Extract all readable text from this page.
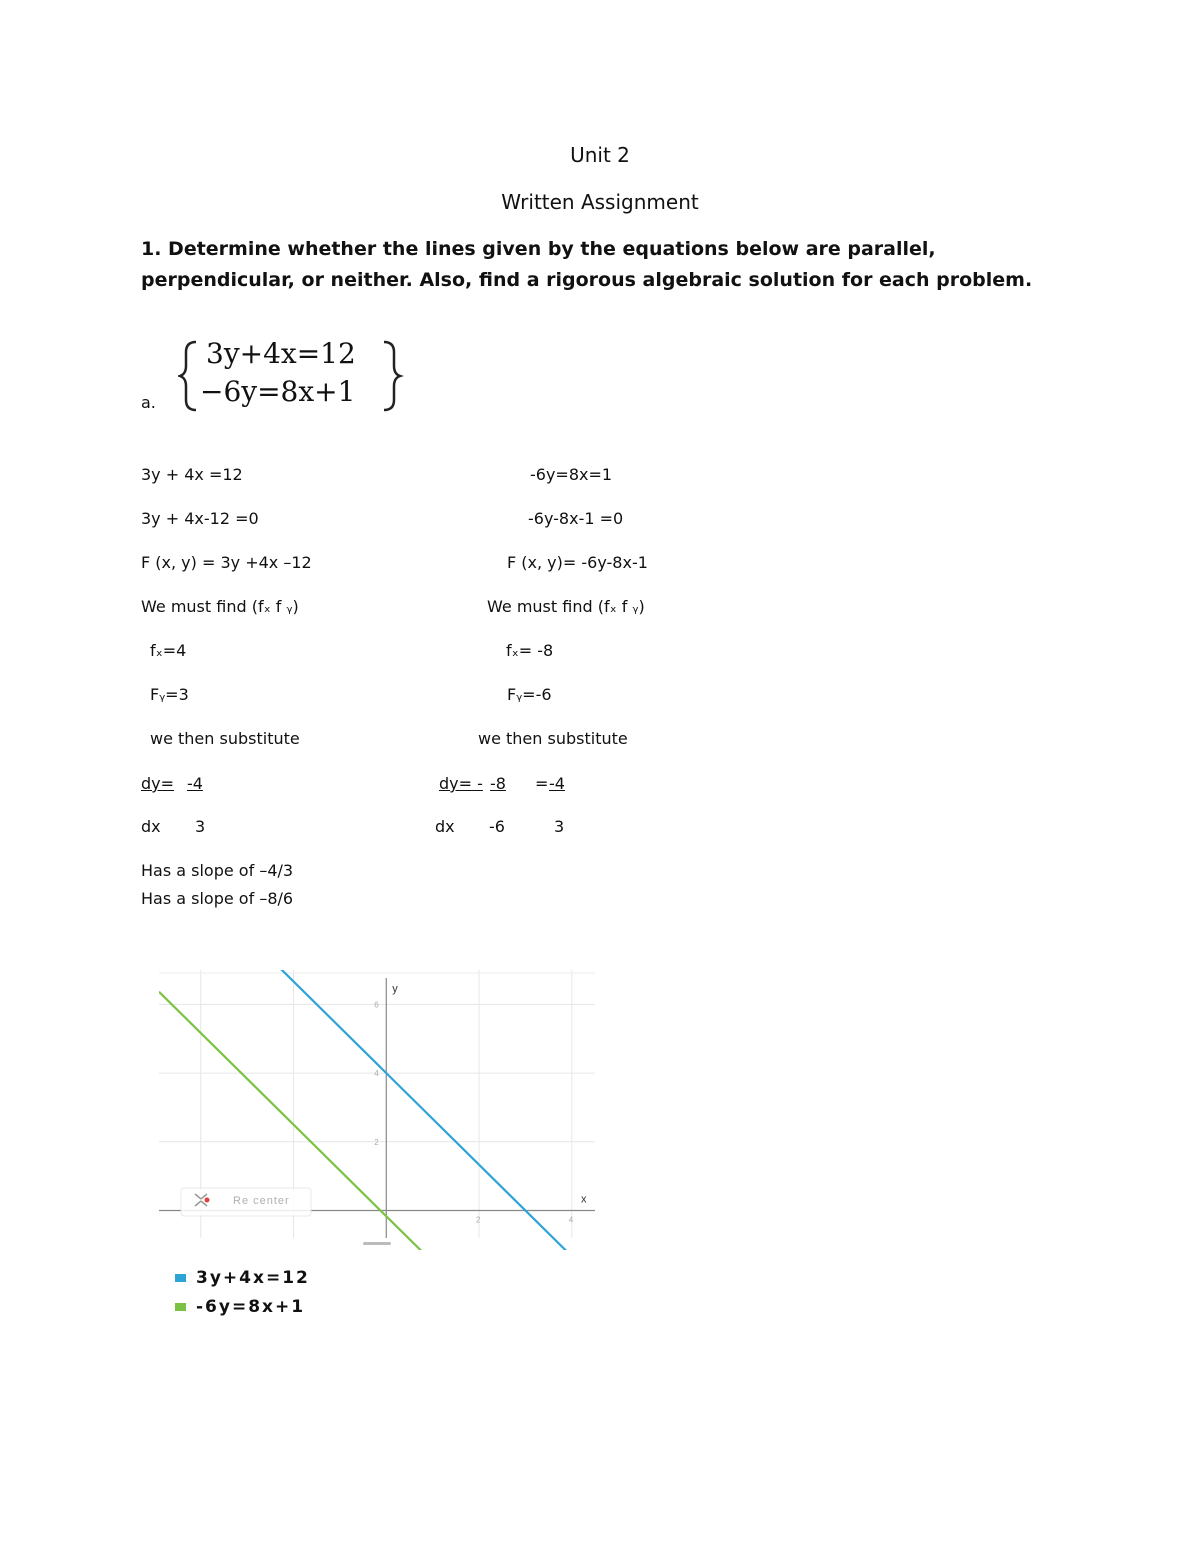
Unit 2
Written Assignment
1. Determine whether the lines given by the equations below are parallel, perpendicular, or neither. Also, find a rigorous algebraic solution for each problem.
a.
3y+4x=12
−6y=8x+1
3y + 4x =12
3y + 4x-12 =0
F (x, y) = 3y +4x –12
We must find (fₓ f ᵧ)
fₓ=4
Fᵧ=3
we then substitute
dy= -4
dx 3
Has a slope of –4/3
Has a slope of –8/6
-6y=8x=1
-6y-8x-1 =0
F (x, y)= -6y-8x-1
We must find (fₓ f ᵧ)
fₓ= -8
Fᵧ=-6
we then substitute
dy= - -8	= -4
dx -6	3
x
y
2
4
6
2	4
Re center
3y+4x=12
-6y=8x+1
